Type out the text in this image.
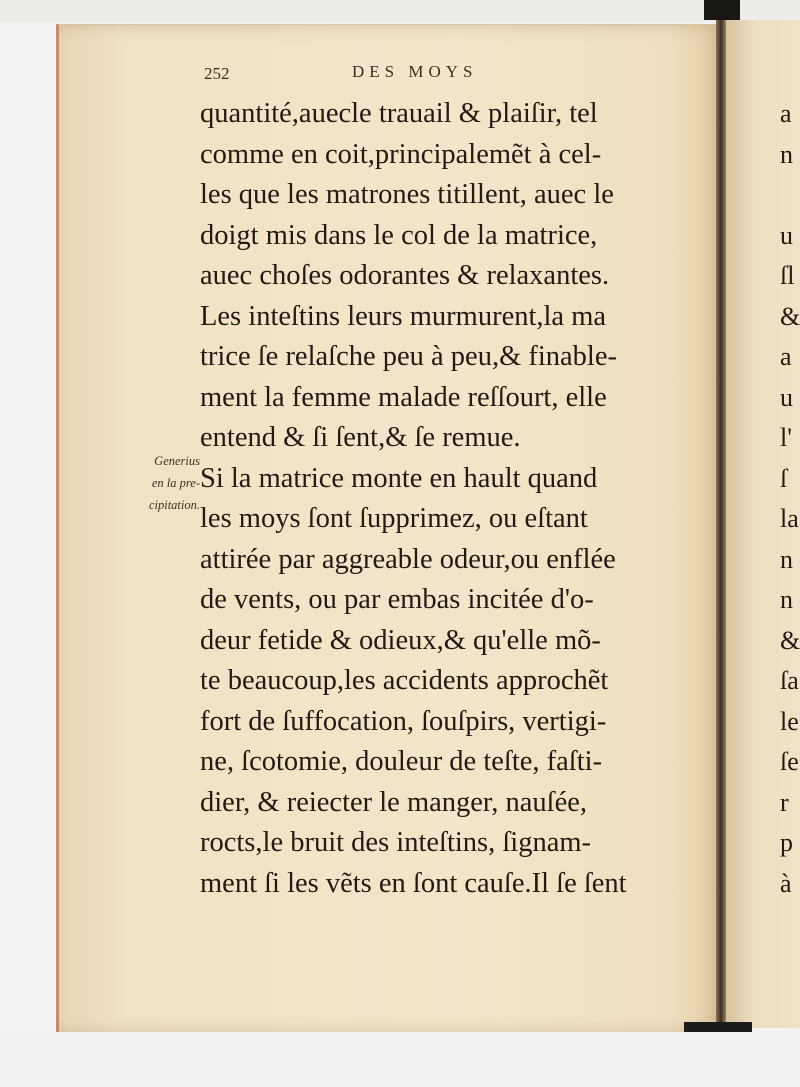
252	DES MOYS
Generius
en la pre-
cipitation.
quantité,auecle trauail & plaiſir, tel
comme en coit,principalemẽt à cel-
les que les matrones titillent, auec le
doigt mis dans le col de la matrice,
auec choſes odorantes & relaxantes.
Les inteſtins leurs murmurent,la ma
trice ſe relaſche peu à peu,& finable-
ment la femme malade reſſourt, elle
entend & ſi ſent,& ſe remue.
Si la matrice monte en hault quand
les moys ſont ſupprimez, ou eſtant
attirée par aggreable odeur,ou enflée
de vents, ou par embas incitée d'o-
deur fetide & odieux,& qu'elle mõ-
te beaucoup,les accidents approchẽt
fort de ſuffocation, ſouſpirs, vertigi-
ne, ſcotomie, douleur de teſte, faſti-
dier, & reiecter le manger, nauſée,
rocts,le bruit des inteſtins, ſignam-
ment ſi les vẽts en ſont cauſe.Il ſe ſent
a
n
u
ſl
&
a
u
l'
ſ
la
n
n
&
ſa
le
ſe
r
p
à
